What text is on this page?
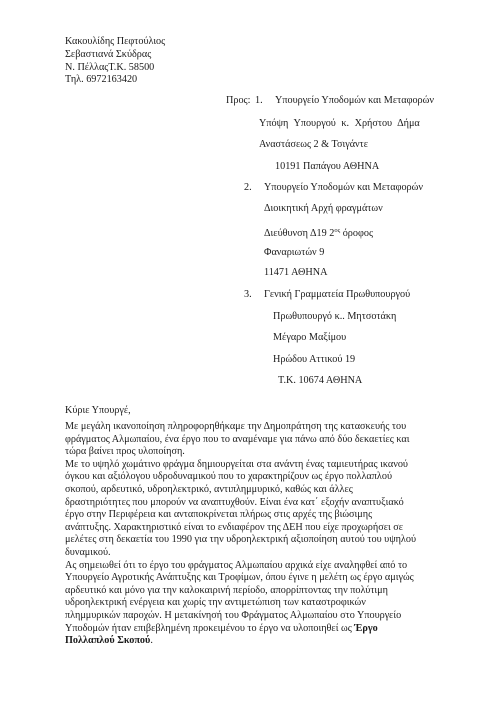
Κακουλίδης Πεφτούλιος
Σεβαστιανά Σκύδρας
Ν. ΠέλλαςΤ.Κ. 58500
Τηλ. 6972163420
Προς: 1. Υπουργείο Υποδομών και Μεταφορών
Υπόψη Υπουργού κ. Χρήστου Δήμα
Αναστάσεως 2 & Τσιγάντε
10191 Παπάγου ΑΘΗΝΑ
2. Υπουργείο Υποδομών και Μεταφορών
Διοικητική Αρχή φραγμάτων
Διεύθυνση Δ19 $2^{o\varsigma}$ όροφος
Φαναριωτών 9
11471 ΑΘΗΝΑ
3. Γενική Γραμματεία Πρωθυπουργού
Πρωθυπουργό κ.. Μητσοτάκη
Μέγαρο Μαξίμου
Ηρώδου Αττικού 19
Τ.Κ. 10674 ΑΘΗΝΑ
Κύριε Υπουργέ,
Με μεγάλη ικανοποίηση πληροφορηθήκαμε την Δημοπράτηση της κατασκευής του
φράγματος Αλμωπαίου, ένα έργο που το αναμέναμε για πάνω από δύο δεκαετίες και
τώρα βαίνει προς υλοποίηση.
Με το υψηλό χωμάτινο φράγμα δημιουργείται στα ανάντη ένας ταμιευτήρας ικανού
όγκου και αξιόλογου υδροδυναμικού που το χαρακτηρίζουν ως έργο πολλαπλού
σκοπού, αρδευτικό, υδροηλεκτρικό, αντιπλημμυρικό, καθώς και άλλες
δραστηριότητες που μπορούν να αναπτυχθούν. Είναι ένα κατ΄ εξοχήν αναπτυξιακό
έργο στην Περιφέρεια και ανταποκρίνεται πλήρως στις αρχές της βιώσιμης
ανάπτυξης. Χαρακτηριστικό είναι το ενδιαφέρον της ΔΕΗ που είχε προχωρήσει σε
μελέτες στη δεκαετία του 1990 για την υδροηλεκτρική αξιοποίηση αυτού του υψηλού
δυναμικού.
Ας σημειωθεί ότι το έργο του φράγματος Αλμωπαίου αρχικά είχε αναληφθεί από το
Υπουργείο Αγροτικής Ανάπτυξης και Τροφίμων, όπου έγινε η μελέτη ως έργο αμιγώς
αρδευτικό και μόνο για την καλοκαιρινή περίοδο, απορρίπτοντας την πολύτιμη
υδροηλεκτρική ενέργεια και χωρίς την αντιμετώπιση των καταστροφικών
πλημμυρικών παροχών. Η μετακίνησή του Φράγματος Αλμωπαίου στο Υπουργείο
Υποδομών ήταν επιβεβλημένη προκειμένου το έργο να υλοποιηθεί ως Έργο
Πολλαπλού Σκοπού.
